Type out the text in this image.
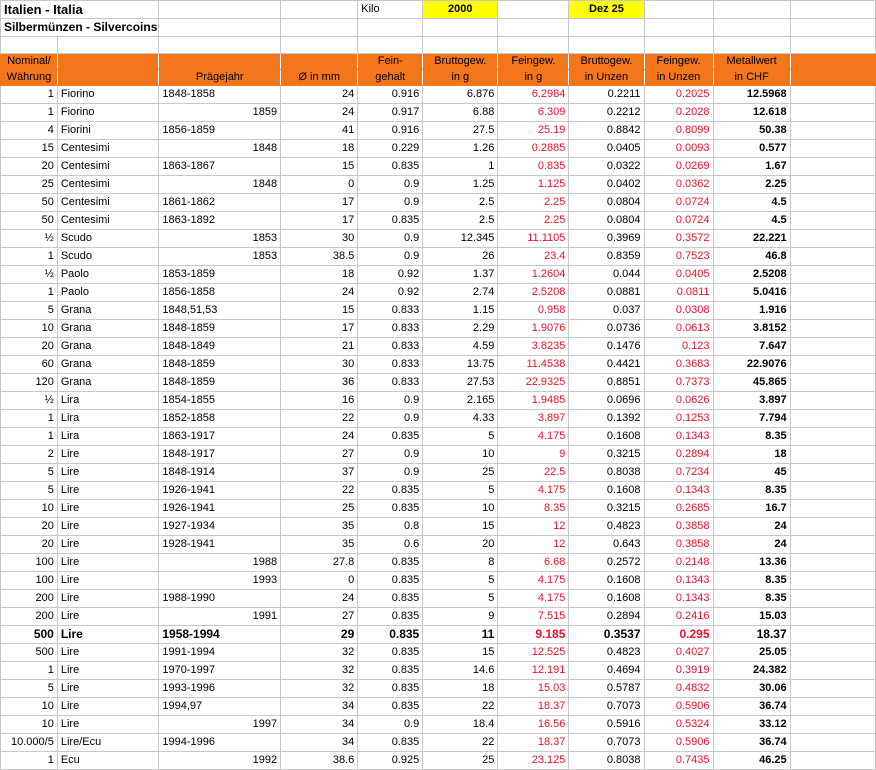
Italien - Italia				Kilo	2000		Dez 25			
Silbermünzen - Silvercoins										

Nominal/				Fein-	Bruttogew.	Feingew.	Bruttogew.	Feingew.	Metallwert	
Währung		Prägejahr	Ø in mm	gehalt	in g	in g	in Unzen	in Unzen	in CHF	
1	Fiorino	1848-1858	24	0.916	6.876	6.2984	0.2211	0.2025	12.5968	
1	Fiorino	1859	24	0.917	6.88	6.309	0.2212	0.2028	12.618	
4	Fiorini	1856-1859	41	0.916	27.5	25.19	0.8842	0.8099	50.38	
15	Centesimi	1848	18	0.229	1.26	0.2885	0.0405	0.0093	0.577	
20	Centesimi	1863-1867	15	0.835	1	0.835	0.0322	0.0269	1.67	
25	Centesimi	1848	0	0.9	1.25	1.125	0.0402	0.0362	2.25	
50	Centesimi	1861-1862	17	0.9	2.5	2.25	0.0804	0.0724	4.5	
50	Centesimi	1863-1892	17	0.835	2.5	2.25	0.0804	0.0724	4.5	
½	Scudo	1853	30	0.9	12.345	11.1105	0.3969	0.3572	22.221	
1	Scudo	1853	38.5	0.9	26	23.4	0.8359	0.7523	46.8	
½	Paolo	1853-1859	18	0.92	1.37	1.2604	0.044	0.0405	2.5208	
1	Paolo	1856-1858	24	0.92	2.74	2.5208	0.0881	0.0811	5.0416	
5	Grana	1848,51,53	15	0.833	1.15	0.958	0.037	0.0308	1.916	
10	Grana	1848-1859	17	0.833	2.29	1.9076	0.0736	0.0613	3.8152	
20	Grana	1848-1849	21	0.833	4.59	3.8235	0.1476	0.123	7.647	
60	Grana	1848-1859	30	0.833	13.75	11.4538	0.4421	0.3683	22.9076	
120	Grana	1848-1859	36	0.833	27.53	22.9325	0.8851	0.7373	45.865	
½	Lira	1854-1855	16	0.9	2.165	1.9485	0.0696	0.0626	3.897	
1	Lira	1852-1858	22	0.9	4.33	3.897	0.1392	0.1253	7.794	
1	Lira	1863-1917	24	0.835	5	4.175	0.1608	0.1343	8.35	
2	Lire	1848-1917	27	0.9	10	9	0.3215	0.2894	18	
5	Lire	1848-1914	37	0.9	25	22.5	0.8038	0.7234	45	
5	Lire	1926-1941	22	0.835	5	4.175	0.1608	0.1343	8.35	
10	Lire	1926-1941	25	0.835	10	8.35	0.3215	0.2685	16.7	
20	Lire	1927-1934	35	0.8	15	12	0.4823	0.3858	24	
20	Lire	1928-1941	35	0.6	20	12	0.643	0.3858	24	
100	Lire	1988	27.8	0.835	8	6.68	0.2572	0.2148	13.36	
100	Lire	1993	0	0.835	5	4.175	0.1608	0.1343	8.35	
200	Lire	1988-1990	24	0.835	5	4.175	0.1608	0.1343	8.35	
200	Lire	1991	27	0.835	9	7.515	0.2894	0.2416	15.03	
500	Lire	1958-1994	29	0.835	11	9.185	0.3537	0.295	18.37	
500	Lire	1991-1994	32	0.835	15	12.525	0.4823	0.4027	25.05	
1	Lire	1970-1997	32	0.835	14.6	12.191	0.4694	0.3919	24.382	
5	Lire	1993-1996	32	0.835	18	15.03	0.5787	0.4832	30.06	
10	Lire	1994,97	34	0.835	22	18.37	0.7073	0.5906	36.74	
10	Lire	1997	34	0.9	18.4	16.56	0.5916	0.5324	33.12	
10.000/5	Lire/Ecu	1994-1996	34	0.835	22	18.37	0.7073	0.5906	36.74	
1	Ecu	1992	38.6	0.925	25	23.125	0.8038	0.7435	46.25	
